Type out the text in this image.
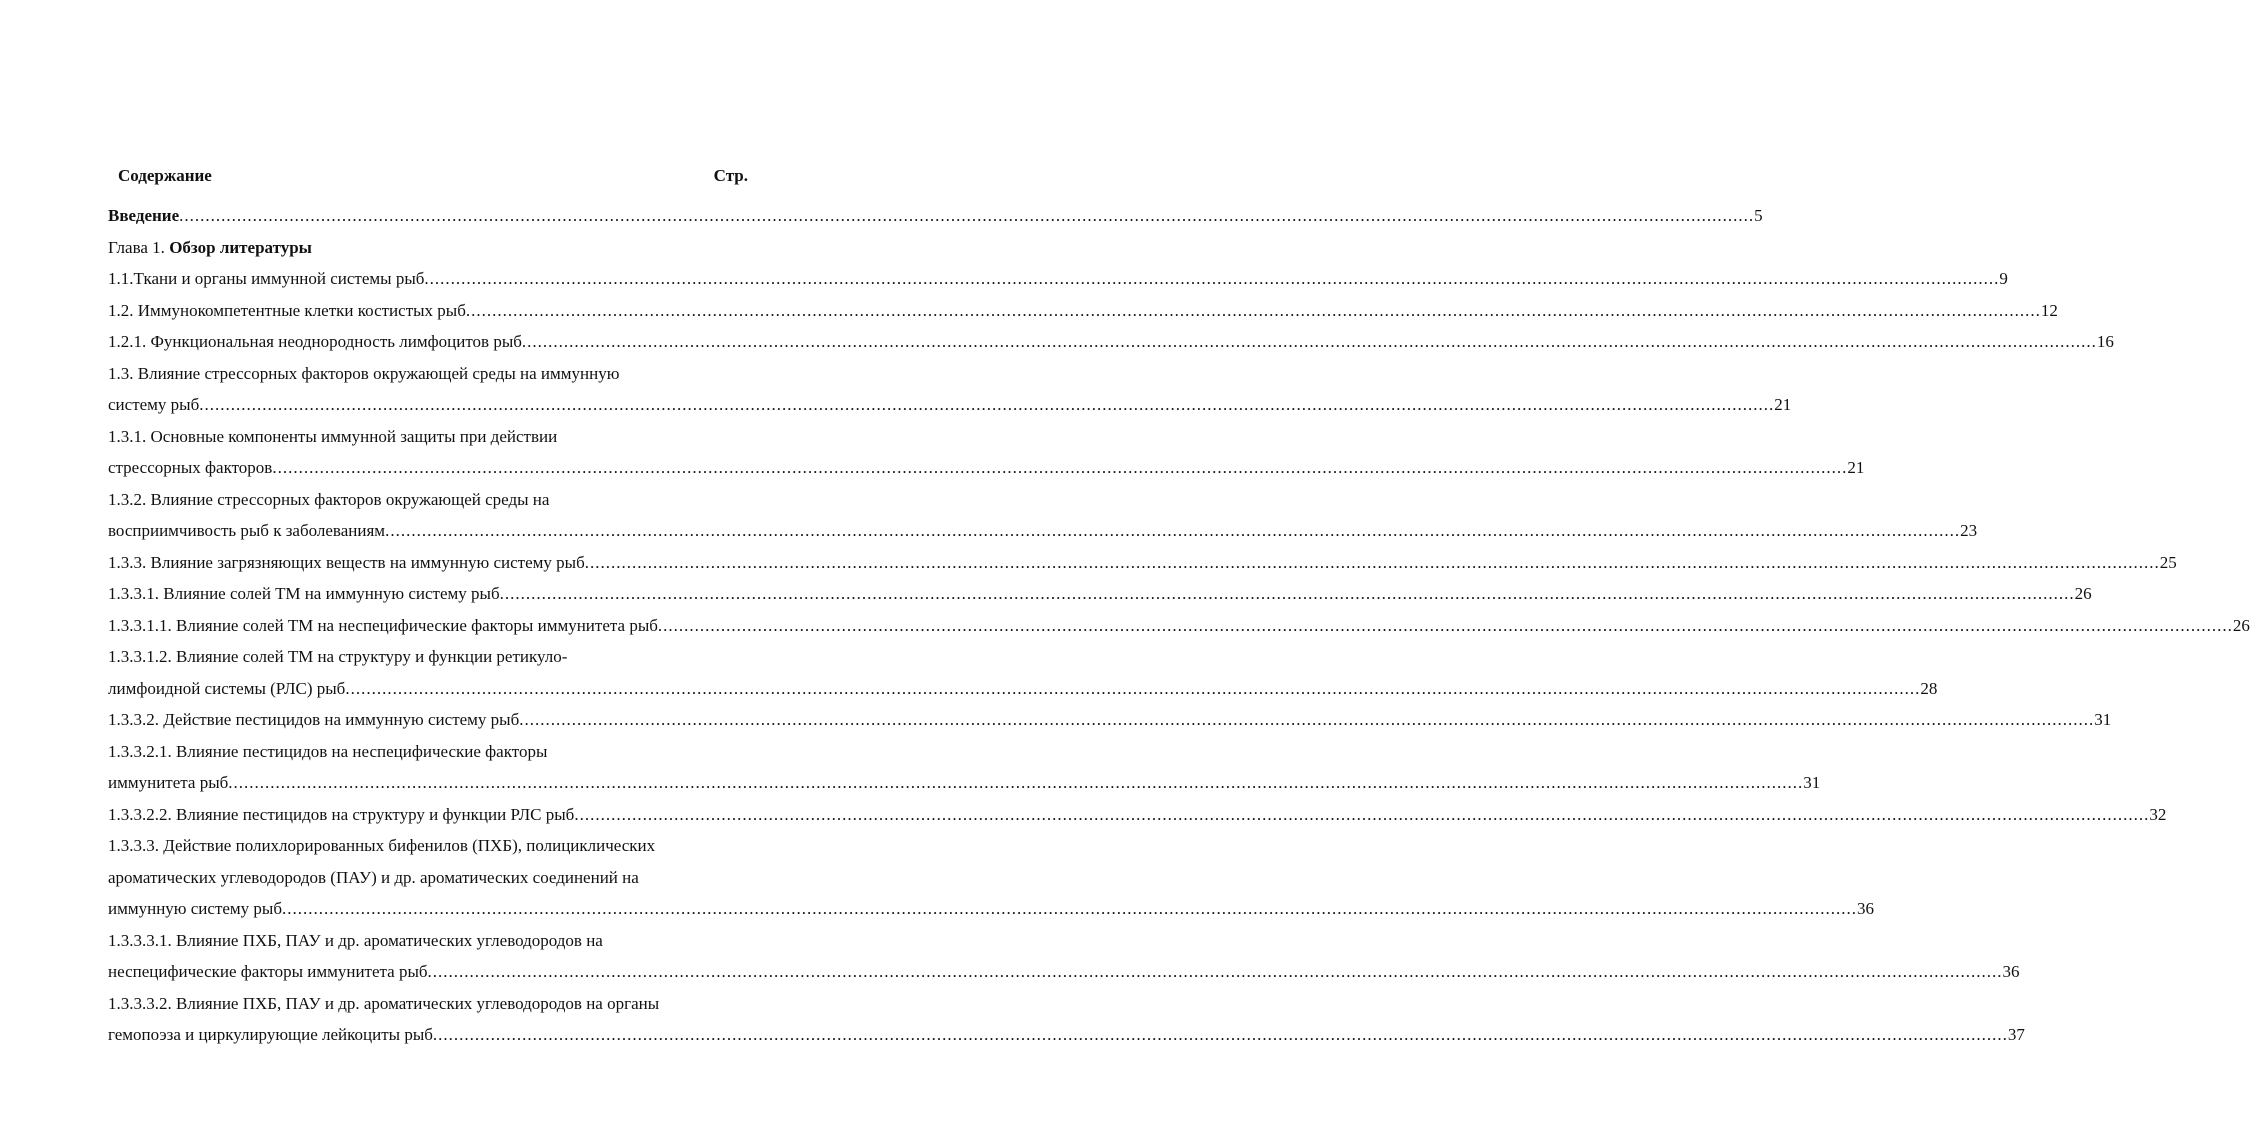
Содержание	Стр.
Введение ............................................................................................................................................................................................................................................................................................................ 5
Глава 1. Обзор литературы
1.1.Ткани и органы иммунной системы рыб ............................................................................................................................................................................................................................................................................................................ 9
1.2. Иммунокомпетентные клетки костистых рыб ............................................................................................................................................................................................................................................................................................................ 12
1.2.1. Функциональная неоднородность лимфоцитов рыб ............................................................................................................................................................................................................................................................................................................ 16
1.3. Влияние стрессорных факторов окружающей среды на иммунную
систему рыб ............................................................................................................................................................................................................................................................................................................ 21
1.3.1. Основные компоненты иммунной защиты при действии
стрессорных факторов ............................................................................................................................................................................................................................................................................................................ 21
1.3.2. Влияние стрессорных факторов окружающей среды на
восприимчивость рыб к заболеваниям ............................................................................................................................................................................................................................................................................................................ 23
1.3.3. Влияние загрязняющих веществ на иммунную систему рыб ............................................................................................................................................................................................................................................................................................................ 25
1.3.3.1. Влияние солей ТМ на иммунную систему рыб ............................................................................................................................................................................................................................................................................................................ 26
1.3.3.1.1. Влияние солей ТМ на неспецифические факторы иммунитета рыб ............................................................................................................................................................................................................................................................................................................ 26
1.3.3.1.2. Влияние солей ТМ на структуру и функции ретикуло-
лимфоидной системы (РЛС) рыб ............................................................................................................................................................................................................................................................................................................ 28
1.3.3.2. Действие пестицидов на иммунную систему рыб ............................................................................................................................................................................................................................................................................................................ 31
1.3.3.2.1. Влияние пестицидов на неспецифические факторы
иммунитета рыб ............................................................................................................................................................................................................................................................................................................ 31
1.3.3.2.2. Влияние пестицидов на структуру и функции РЛС рыб ............................................................................................................................................................................................................................................................................................................ 32
1.3.3.3. Действие полихлорированных бифенилов (ПХБ), полициклических
ароматических углеводородов (ПАУ) и др. ароматических соединений на
иммунную систему рыб ............................................................................................................................................................................................................................................................................................................ 36
1.3.3.3.1. Влияние ПХБ, ПАУ и др. ароматических углеводородов на
неспецифические факторы иммунитета рыб ............................................................................................................................................................................................................................................................................................................ 36
1.3.3.3.2. Влияние ПХБ, ПАУ и др. ароматических углеводородов на органы
гемопоэза и циркулирующие лейкоциты рыб ............................................................................................................................................................................................................................................................................................................ 37
